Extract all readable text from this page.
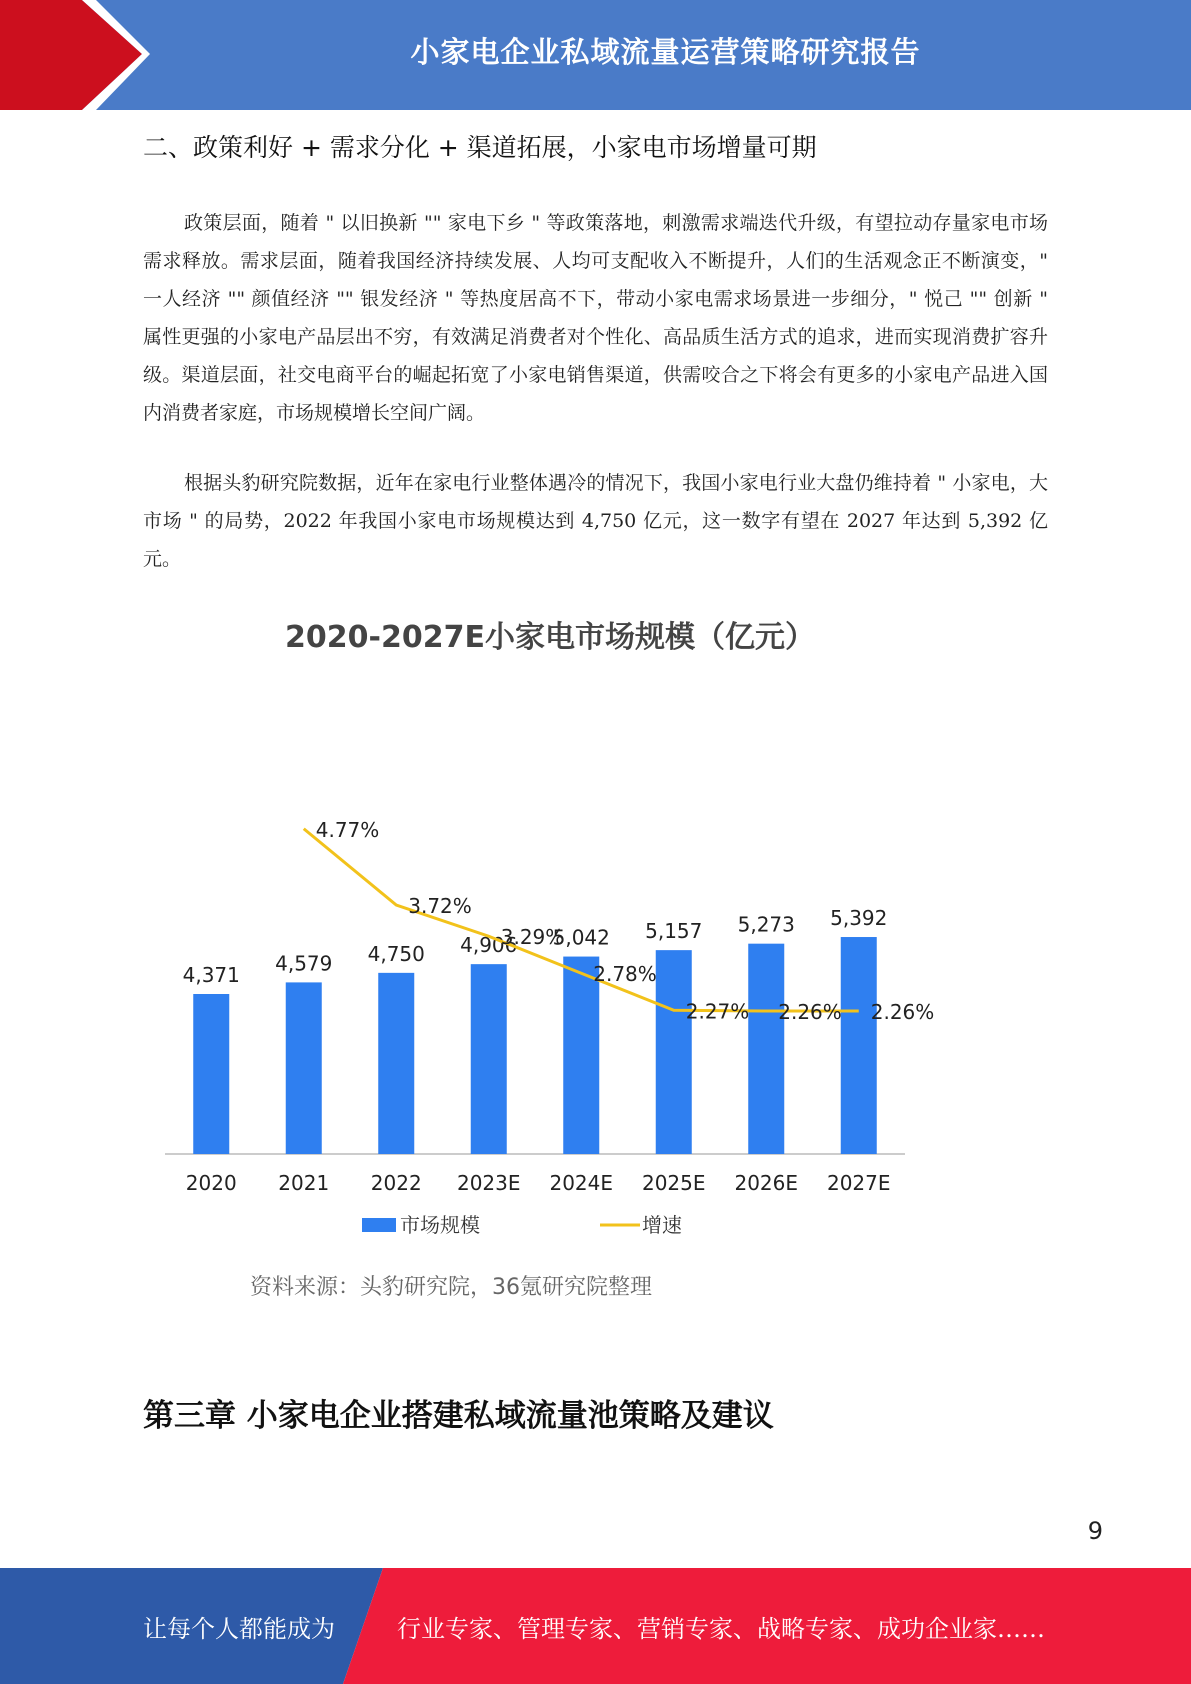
小家电企业私域流量运营策略研究报告
二、政策利好 + 需求分化 + 渠道拓展，小家电市场增量可期
政策层面，随着 " 以旧换新 "" 家电下乡 " 等政策落地，刺激需求端迭代升级，有望拉动存量家电市场需求释放。需求层面，随着我国经济持续发展、人均可支配收入不断提升，人们的生活观念正不断演变，" 一人经济 "" 颜值经济 "" 银发经济 " 等热度居高不下，带动小家电需求场景进一步细分，" 悦己 "" 创新 " 属性更强的小家电产品层出不穷，有效满足消费者对个性化、高品质生活方式的追求，进而实现消费扩容升级。渠道层面，社交电商平台的崛起拓宽了小家电销售渠道，供需咬合之下将会有更多的小家电产品进入国内消费者家庭，市场规模增长空间广阔。
根据头豹研究院数据，近年在家电行业整体遇冷的情况下，我国小家电行业大盘仍维持着 " 小家电，大市场 " 的局势，2022 年我国小家电市场规模达到 4,750 亿元，这一数字有望在 2027 年达到 5,392 亿元。
2020-2027E小家电市场规模（亿元）
4,371
2020
4,579
2021
4,750
2022
4,906
2023E
5,042
2024E
5,157
2025E
5,273
2026E
5,392
2027E
4.77%
3.72%
3.29%
2.78%
2.27% 2.26% 2.26%
市场规模	增速
资料来源：头豹研究院，36氪研究院整理
第三章 小家电企业搭建私域流量池策略及建议
9
让每个人都能成为	行业专家、管理专家、营销专家、战略专家、成功企业家……
